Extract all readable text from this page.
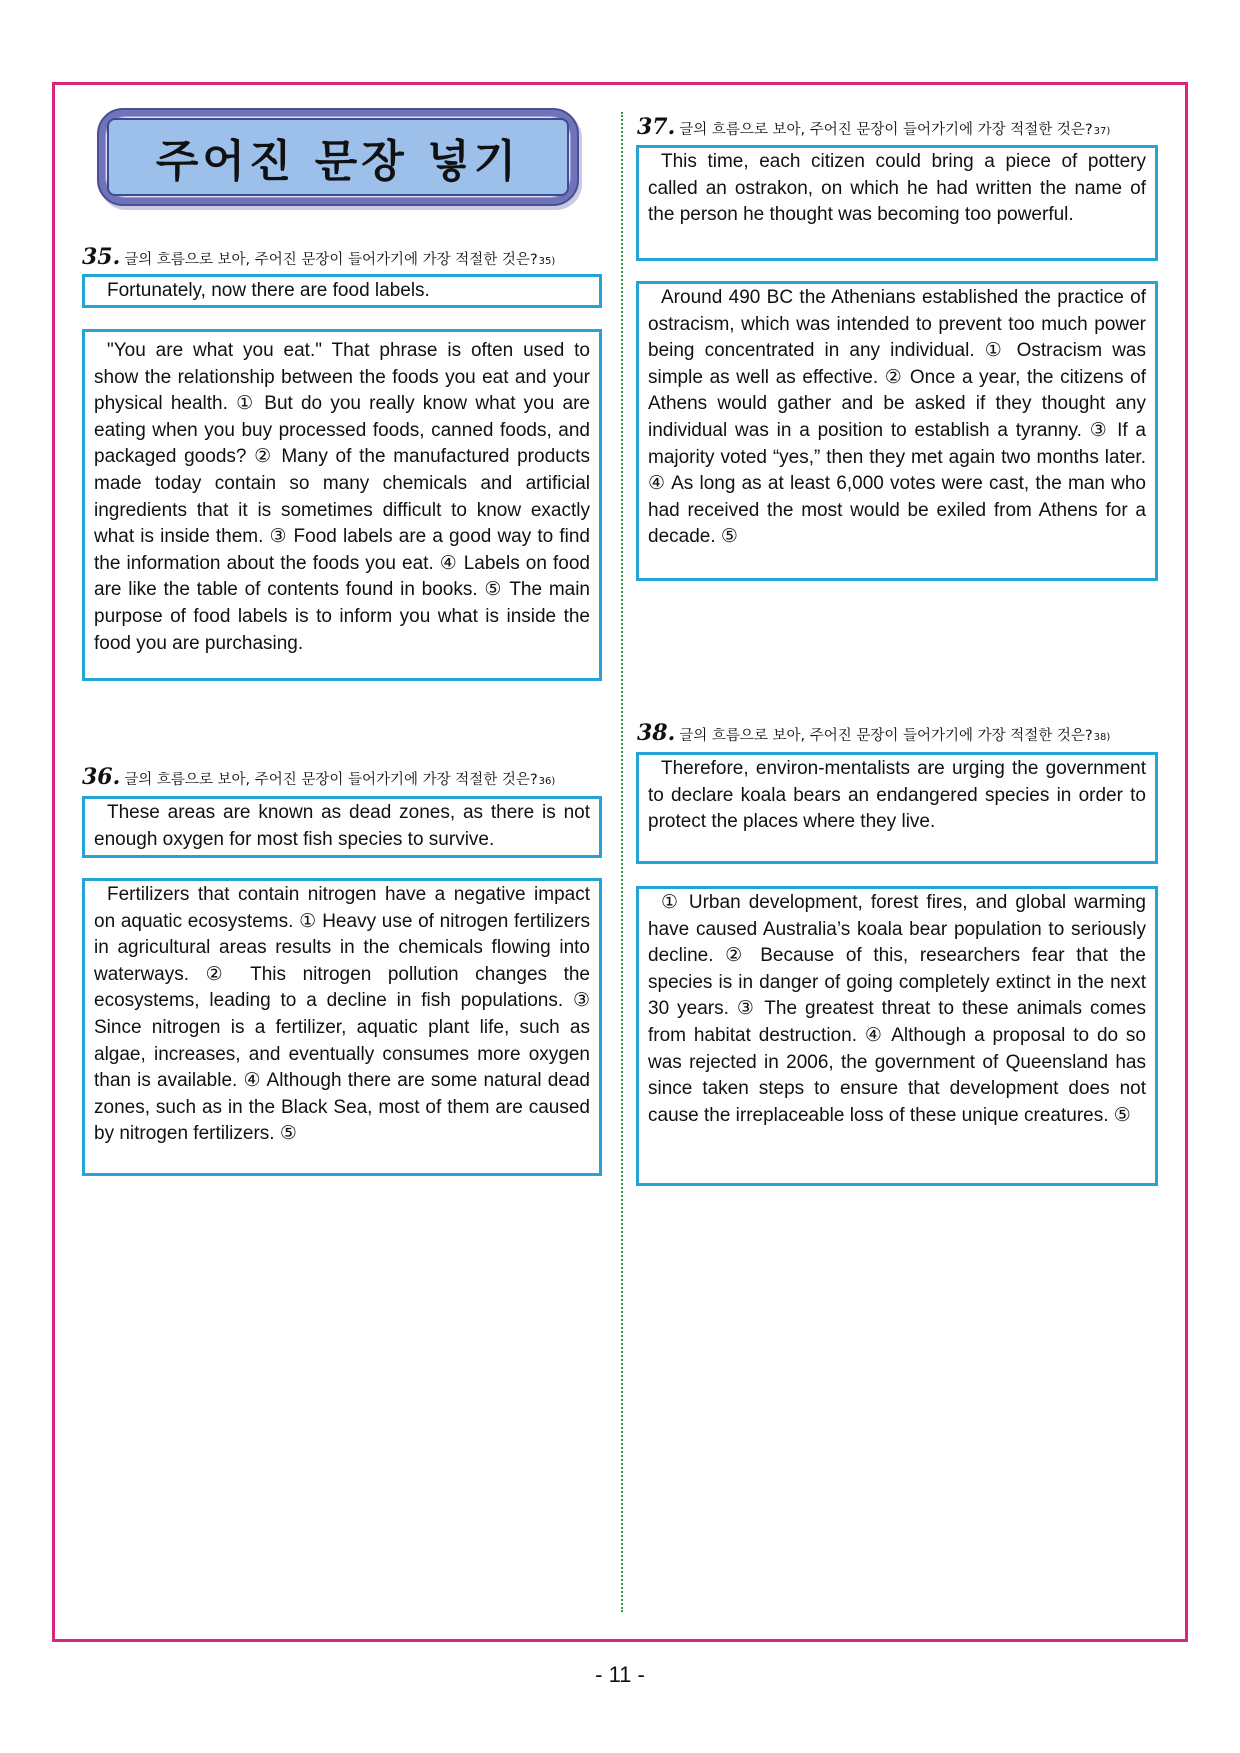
주어진 문장 넣기
35. 글의 흐름으로 보아, 주어진 문장이 들어가기에 가장 적절한 것은? 35)

Fortunately, now there are food labels.

"You are what you eat." That phrase is often used to show the relationship between the foods you eat and your physical health. ① But do you really know what you are eating when you buy processed foods, canned foods, and packaged goods? ② Many of the manufactured products made today contain so many chemicals and artificial ingredients that it is sometimes difficult to know exactly what is inside them. ③ Food labels are a good way to find the information about the foods you eat. ④ Labels on food are like the table of contents found in books. ⑤ The main purpose of food labels is to inform you what is inside the food you are purchasing.

36. 글의 흐름으로 보아, 주어진 문장이 들어가기에 가장 적절한 것은? 36)

These areas are known as dead zones, as there is not enough oxygen for most fish species to survive.

Fertilizers that contain nitrogen have a negative impact on aquatic ecosystems. ① Heavy use of nitrogen fertilizers in agricultural areas results in the chemicals flowing into waterways. ② This nitrogen pollution changes the ecosystems, leading to a decline in fish populations. ③ Since nitrogen is a fertilizer, aquatic plant life, such as algae, increases, and eventually consumes more oxygen than is available. ④ Although there are some natural dead zones, such as in the Black Sea, most of them are caused by nitrogen fertilizers. ⑤

37. 글의 흐름으로 보아, 주어진 문장이 들어가기에 가장 적절한 것은? 37)

This time, each citizen could bring a piece of pottery called an ostrakon, on which he had written the name of the person he thought was becoming too powerful.

Around 490 BC the Athenians established the practice of ostracism, which was intended to prevent too much power being concentrated in any individual. ① Ostracism was simple as well as effective. ② Once a year, the citizens of Athens would gather and be asked if they thought any individual was in a position to establish a tyranny. ③ If a majority voted “yes,” then they met again two months later. ④ As long as at least 6,000 votes were cast, the man who had received the most would be exiled from Athens for a decade. ⑤

38. 글의 흐름으로 보아, 주어진 문장이 들어가기에 가장 적절한 것은? 38)

Therefore, environ-mentalists are urging the government to declare koala bears an endangered species in order to protect the places where they live.

① Urban development, forest fires, and global warming have caused Australia’s koala bear population to seriously decline. ② Because of this, researchers fear that the species is in danger of going completely extinct in the next 30 years. ③ The greatest threat to these animals comes from habitat destruction. ④ Although a proposal to do so was rejected in 2006, the government of Queensland has since taken steps to ensure that development does not cause the irreplaceable loss of these unique creatures. ⑤

- 11 -
